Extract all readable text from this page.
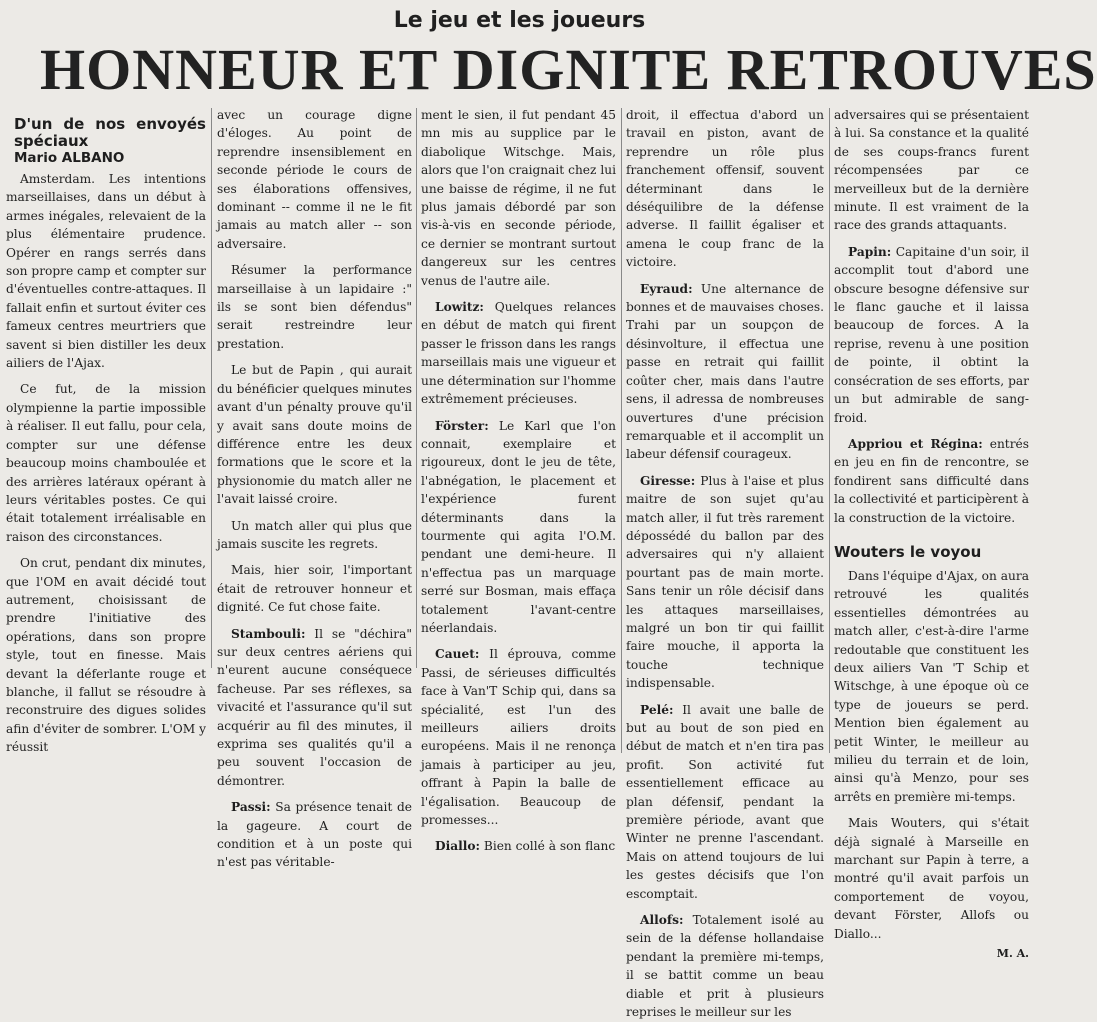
Le jeu et les joueurs
HONNEUR ET DIGNITE RETROUVES
D'un de nos envoyés spéciaux
Mario ALBANO

Amsterdam. Les intentions marseillaises, dans un début à armes inégales, relevaient de la plus élémentaire prudence. Opérer en rangs serrés dans son propre camp et compter sur d'éventuelles contre-attaques. Il fallait enfin et surtout éviter ces fameux centres meurtriers que savent si bien distiller les deux ailiers de l'Ajax.

Ce fut, de la mission olympienne la partie impossible à réaliser. Il eut fallu, pour cela, compter sur une défense beaucoup moins chamboulée et des arrières latéraux opérant à leurs véritables postes. Ce qui était totalement irréalisable en raison des circonstances.

On crut, pendant dix minutes, que l'OM en avait décidé tout autrement, choisissant de prendre l'initiative des opérations, dans son propre style, tout en finesse. Mais devant la déferlante rouge et blanche, il fallut se résoudre à reconstruire des digues solides afin d'éviter de sombrer. L'OM y réussit

avec un courage digne d'éloges. Au point de reprendre insensiblement en seconde période le cours de ses élaborations offensives, dominant -- comme il ne le fit jamais au match aller -- son adversaire.

Résumer la performance marseillaise à un lapidaire :" ils se sont bien défendus" serait restreindre leur prestation.

Le but de Papin , qui aurait du bénéficier quelques minutes avant d'un pénalty prouve qu'il y avait sans doute moins de différence entre les deux formations que le score et la physionomie du match aller ne l'avait laissé croire.

Un match aller qui plus que jamais suscite les regrets.

Mais, hier soir, l'important était de retrouver honneur et dignité. Ce fut chose faite.

Stambouli: Il se "déchira" sur deux centres aériens qui n'eurent aucune conséquece facheuse. Par ses réflexes, sa vivacité et l'assurance qu'il sut acquérir au fil des minutes, il exprima ses qualités qu'il a peu souvent l'occasion de démontrer.

Passi: Sa présence tenait de la gageure. A court de condition et à un poste qui n'est pas véritable-

ment le sien, il fut pendant 45 mn mis au supplice par le diabolique Witschge. Mais, alors que l'on craignait chez lui une baisse de régime, il ne fut plus jamais débordé par son vis-à-vis en seconde période, ce dernier se montrant surtout dangereux sur les centres venus de l'autre aile.

Lowitz: Quelques relances en début de match qui firent passer le frisson dans les rangs marseillais mais une vigueur et une détermination sur l'homme extrêmement précieuses.

Förster: Le Karl que l'on connait, exemplaire et rigoureux, dont le jeu de tête, l'abnégation, le placement et l'expérience furent déterminants dans la tourmente qui agita l'O.M. pendant une demi-heure. Il n'effectua pas un marquage serré sur Bosman, mais effaça totalement l'avant-centre néerlandais.

Cauet: Il éprouva, comme Passi, de sérieuses difficultés face à Van'T Schip qui, dans sa spécialité, est l'un des meilleurs ailiers droits européens. Mais il ne renonça jamais à participer au jeu, offrant à Papin la balle de l'égalisation. Beaucoup de promesses...

Diallo: Bien collé à son flanc

droit, il effectua d'abord un travail en piston, avant de reprendre un rôle plus franchement offensif, souvent déterminant dans le déséquilibre de la défense adverse. Il faillit égaliser et amena le coup franc de la victoire.

Eyraud: Une alternance de bonnes et de mauvaises choses. Trahi par un soupçon de désinvolture, il effectua une passe en retrait qui faillit coûter cher, mais dans l'autre sens, il adressa de nombreuses ouvertures d'une précision remarquable et il accomplit un labeur défensif courageux.

Giresse: Plus à l'aise et plus maitre de son sujet qu'au match aller, il fut très rarement dépossédé du ballon par des adversaires qui n'y allaient pourtant pas de main morte. Sans tenir un rôle décisif dans les attaques marseillaises, malgré un bon tir qui faillit faire mouche, il apporta la touche technique indispensable.

Pelé: Il avait une balle de but au bout de son pied en début de match et n'en tira pas profit. Son activité fut essentiellement efficace au plan défensif, pendant la première période, avant que Winter ne prenne l'ascendant. Mais on attend toujours de lui les gestes décisifs que l'on escomptait.

Allofs: Totalement isolé au sein de la défense hollandaise pendant la première mi-temps, il se battit comme un beau diable et prit à plusieurs reprises le meilleur sur les

adversaires qui se présentaient à lui. Sa constance et la qualité de ses coups-francs furent récompensées par ce merveilleux but de la dernière minute. Il est vraiment de la race des grands attaquants.

Papin: Capitaine d'un soir, il accomplit tout d'abord une obscure besogne défensive sur le flanc gauche et il laissa beaucoup de forces. A la reprise, revenu à une position de pointe, il obtint la consécration de ses efforts, par un but admirable de sang-froid.

Appriou et Régina: entrés en jeu en fin de rencontre, se fondirent sans difficulté dans la collectivité et participèrent à la construction de la victoire.

Wouters le voyou

Dans l'équipe d'Ajax, on aura retrouvé les qualités essentielles démontrées au match aller, c'est-à-dire l'arme redoutable que constituent les deux ailiers Van 'T Schip et Witschge, à une époque où ce type de joueurs se perd. Mention bien également au petit Winter, le meilleur au milieu du terrain et de loin, ainsi qu'à Menzo, pour ses arrêts en première mi-temps.

Mais Wouters, qui s'était déjà signalé à Marseille en marchant sur Papin à terre, a montré qu'il avait parfois un comportement de voyou, devant Förster, Allofs ou Diallo...

M. A.
